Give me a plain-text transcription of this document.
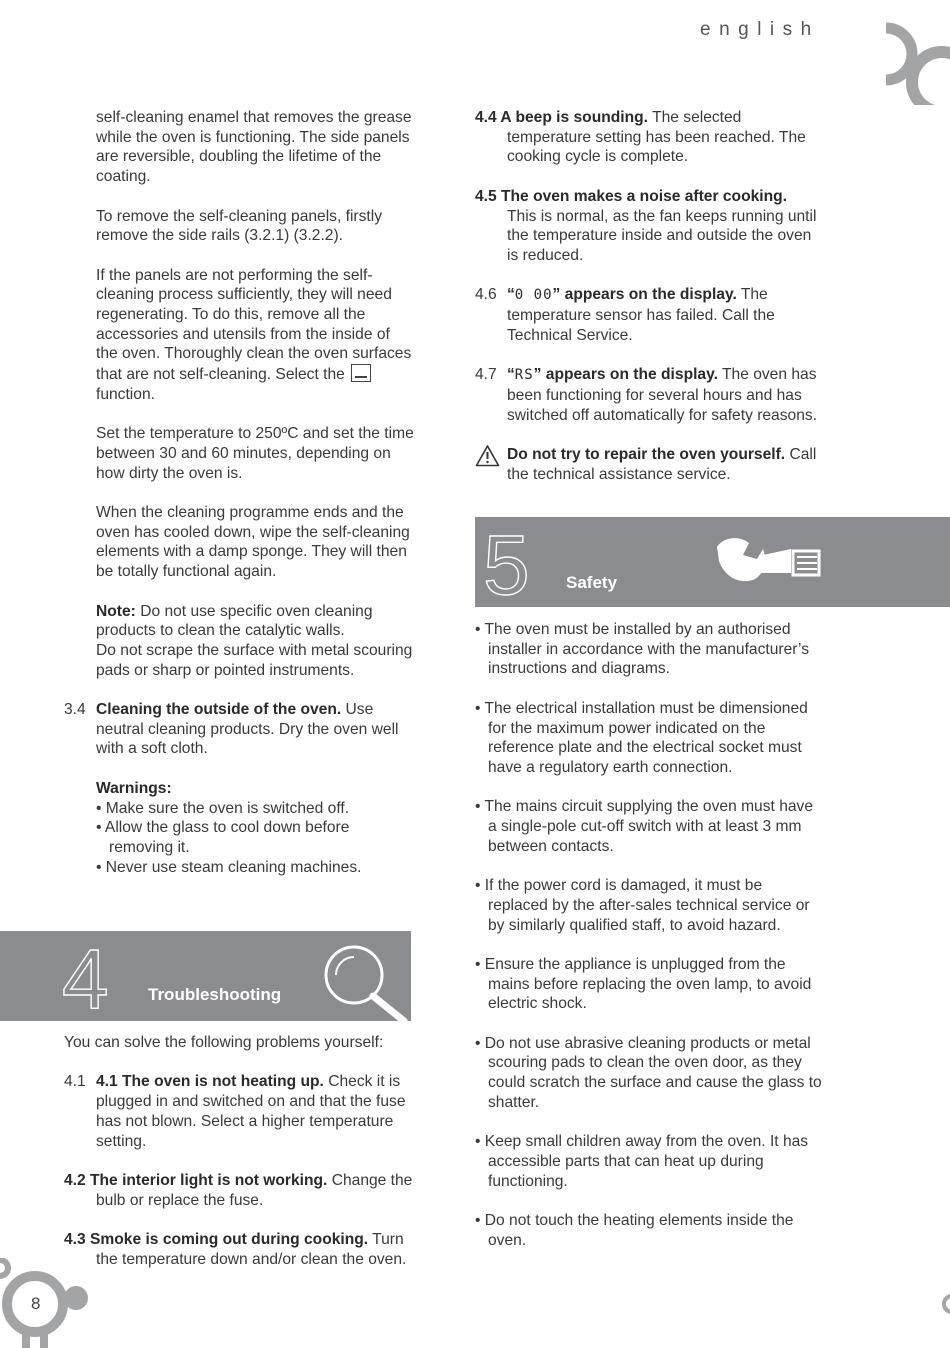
english

self-cleaning enamel that removes the grease while the oven is functioning. The side panels are reversible, doubling the lifetime of the coating.

To remove the self-cleaning panels, firstly remove the side rails (3.2.1) (3.2.2).

If the panels are not performing the self-cleaning process sufficiently, they will need regenerating. To do this, remove all the accessories and utensils from the inside of the oven. Thoroughly clean the oven surfaces that are not self-cleaning. Select the
function.

Set the temperature to 250ºC and set the time between 30 and 60 minutes, depending on how dirty the oven is.

When the cleaning programme ends and the oven has cooled down, wipe the self-cleaning elements with a damp sponge. They will then be totally functional again.

Note: Do not use specific oven cleaning products to clean the catalytic walls.
Do not scrape the surface with metal scouring pads or sharp or pointed instruments.

3.4 Cleaning the outside of the oven. Use neutral cleaning products. Dry the oven well with a soft cloth.

Warnings:

• Make sure the oven is switched off.

• Allow the glass to cool down before removing it.

• Never use steam cleaning machines.

4 Troubleshooting

You can solve the following problems yourself:

4.1 4.1 The oven is not heating up. Check it is plugged in and switched on and that the fuse has not blown. Select a higher temperature setting.

4.2 The interior light is not working. Change the bulb or replace the fuse.

4.3 Smoke is coming out during cooking. Turn the temperature down and/or clean the oven.

4.4 A beep is sounding. The selected temperature setting has been reached. The cooking cycle is complete.

4.5 The oven makes a noise after cooking.

This is normal, as the fan keeps running until the temperature inside and outside the oven is reduced.

4.6 “0 00” appears on the display. The temperature sensor has failed. Call the Technical Service.

4.7 “RS” appears on the display. The oven has been functioning for several hours and has switched off automatically for safety reasons.

Do not try to repair the oven yourself. Call the technical assistance service.

5 Safety

• The oven must be installed by an authorised installer in accordance with the manufacturer’s instructions and diagrams.

• The electrical installation must be dimensioned for the maximum power indicated on the reference plate and the electrical socket must have a regulatory earth connection.

• The mains circuit supplying the oven must have a single-pole cut-off switch with at least 3 mm between contacts.

• If the power cord is damaged, it must be replaced by the after-sales technical service or by similarly qualified staff, to avoid hazard.

• Ensure the appliance is unplugged from the mains before replacing the oven lamp, to avoid electric shock.

• Do not use abrasive cleaning products or metal scouring pads to clean the oven door, as they could scratch the surface and cause the glass to shatter.

• Keep small children away from the oven. It has accessible parts that can heat up during functioning.

• Do not touch the heating elements inside the oven.

8
